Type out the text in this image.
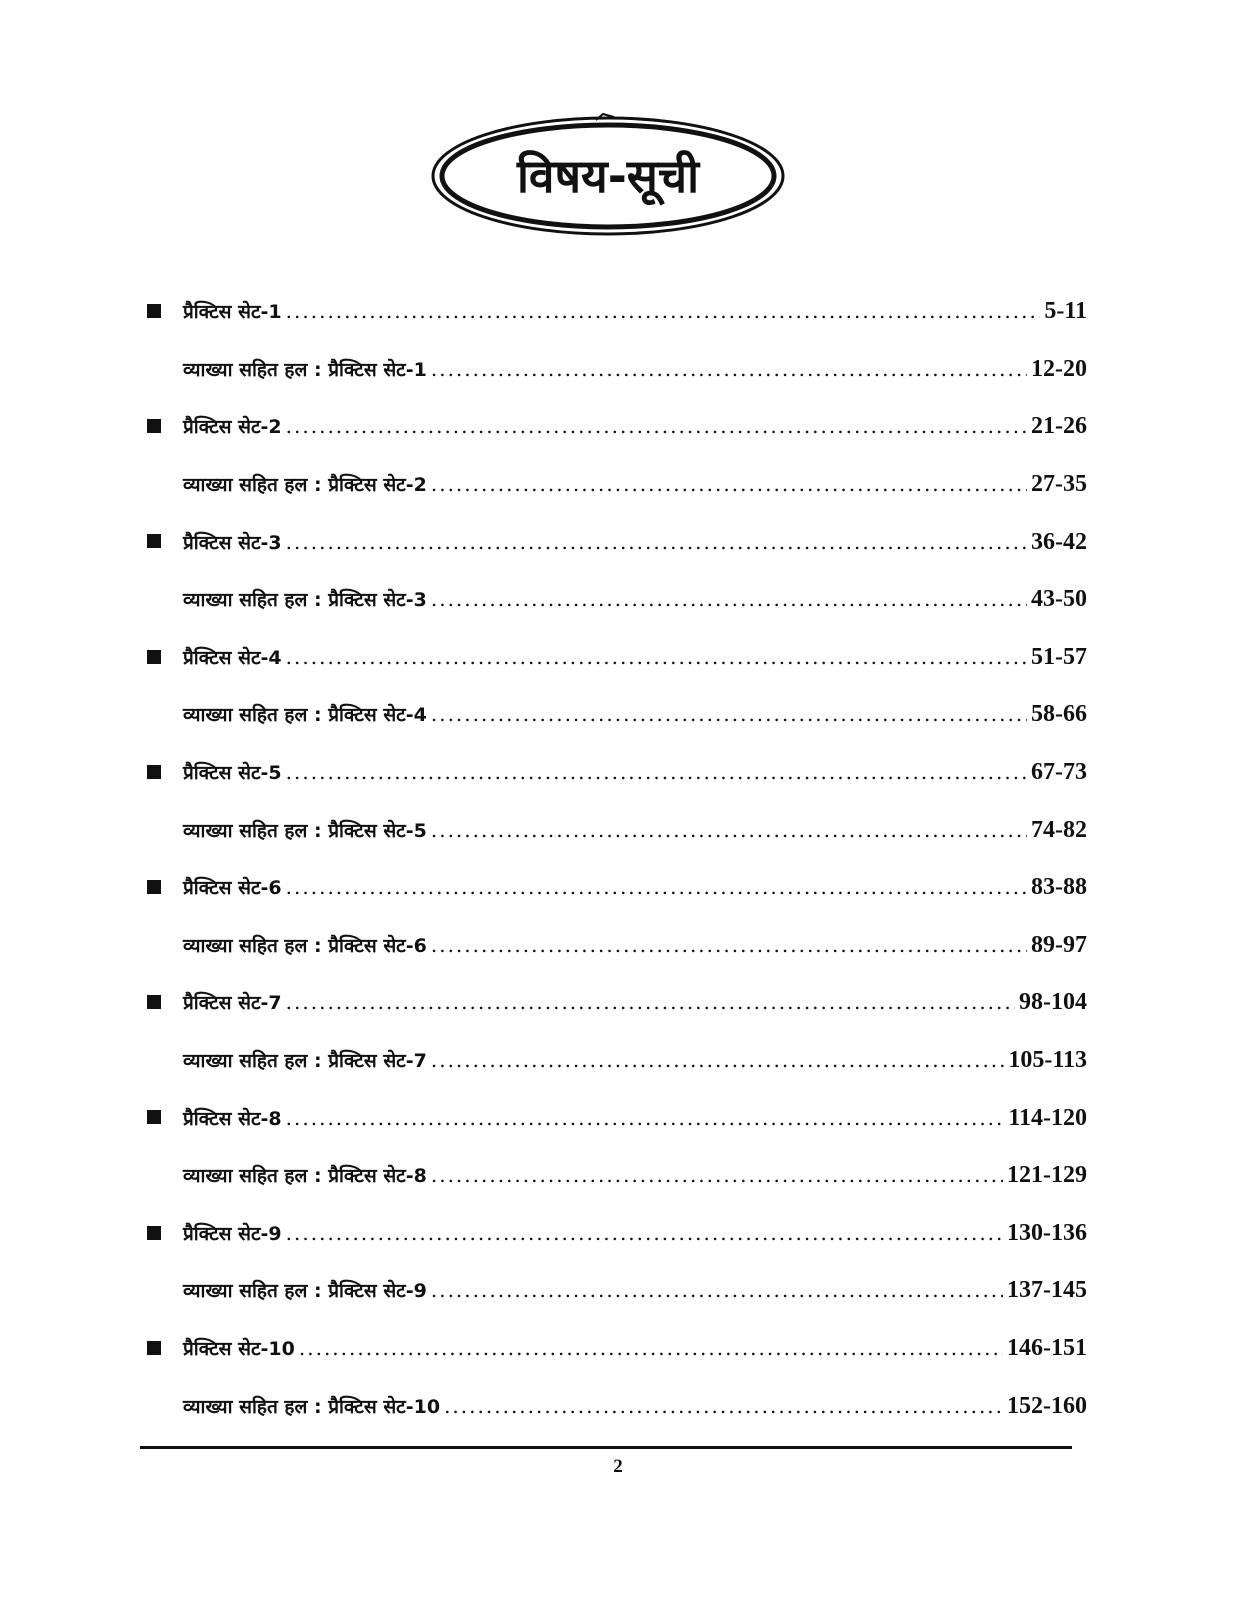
विषय-सूची
प्रैक्टिस सेट-1 .....	5-11
व्याख्या सहित हल : प्रैक्टिस सेट-1 .....	12-20
प्रैक्टिस सेट-2 .....	21-26
व्याख्या सहित हल : प्रैक्टिस सेट-2 .....	27-35
प्रैक्टिस सेट-3 .....	36-42
व्याख्या सहित हल : प्रैक्टिस सेट-3 .....	43-50
प्रैक्टिस सेट-4 .....	51-57
व्याख्या सहित हल : प्रैक्टिस सेट-4 .....	58-66
प्रैक्टिस सेट-5 .....	67-73
व्याख्या सहित हल : प्रैक्टिस सेट-5 .....	74-82
प्रैक्टिस सेट-6 .....	83-88
व्याख्या सहित हल : प्रैक्टिस सेट-6 .....	89-97
प्रैक्टिस सेट-7 .....	98-104
व्याख्या सहित हल : प्रैक्टिस सेट-7 .....	105-113
प्रैक्टिस सेट-8 .....	114-120
व्याख्या सहित हल : प्रैक्टिस सेट-8 .....	121-129
प्रैक्टिस सेट-9 .....	130-136
व्याख्या सहित हल : प्रैक्टिस सेट-9 .....	137-145
प्रैक्टिस सेट-10 .....	146-151
व्याख्या सहित हल : प्रैक्टिस सेट-10 .....	152-160
2
